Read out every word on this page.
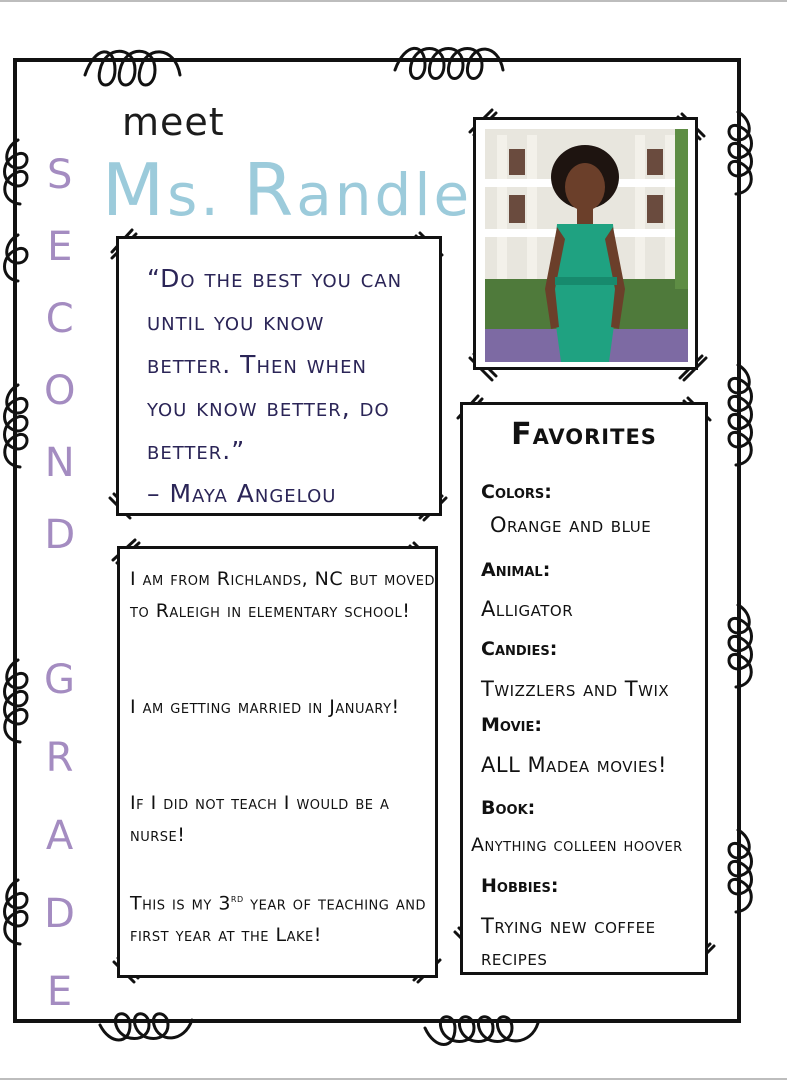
meet
Ms. Randle
S
E
C
O
N
D
G
R
A
D
E
“Do the best you can
until you know
better. Then when
you know better, do
better.”
– Maya Angelou
I am from Richlands, NC but moved to Raleigh in elementary school!
I am getting married in January!
If I did not teach I would be a nurse!
This is my 3rd year of teaching and first year at the Lake!
Favorites
Colors:
Orange and blue
Animal:
Alligator
Candies:
Twizzlers and Twix
Movie:
ALL Madea movies!
Book:
Anything colleen hoover
Hobbies:
Trying new coffee recipes
